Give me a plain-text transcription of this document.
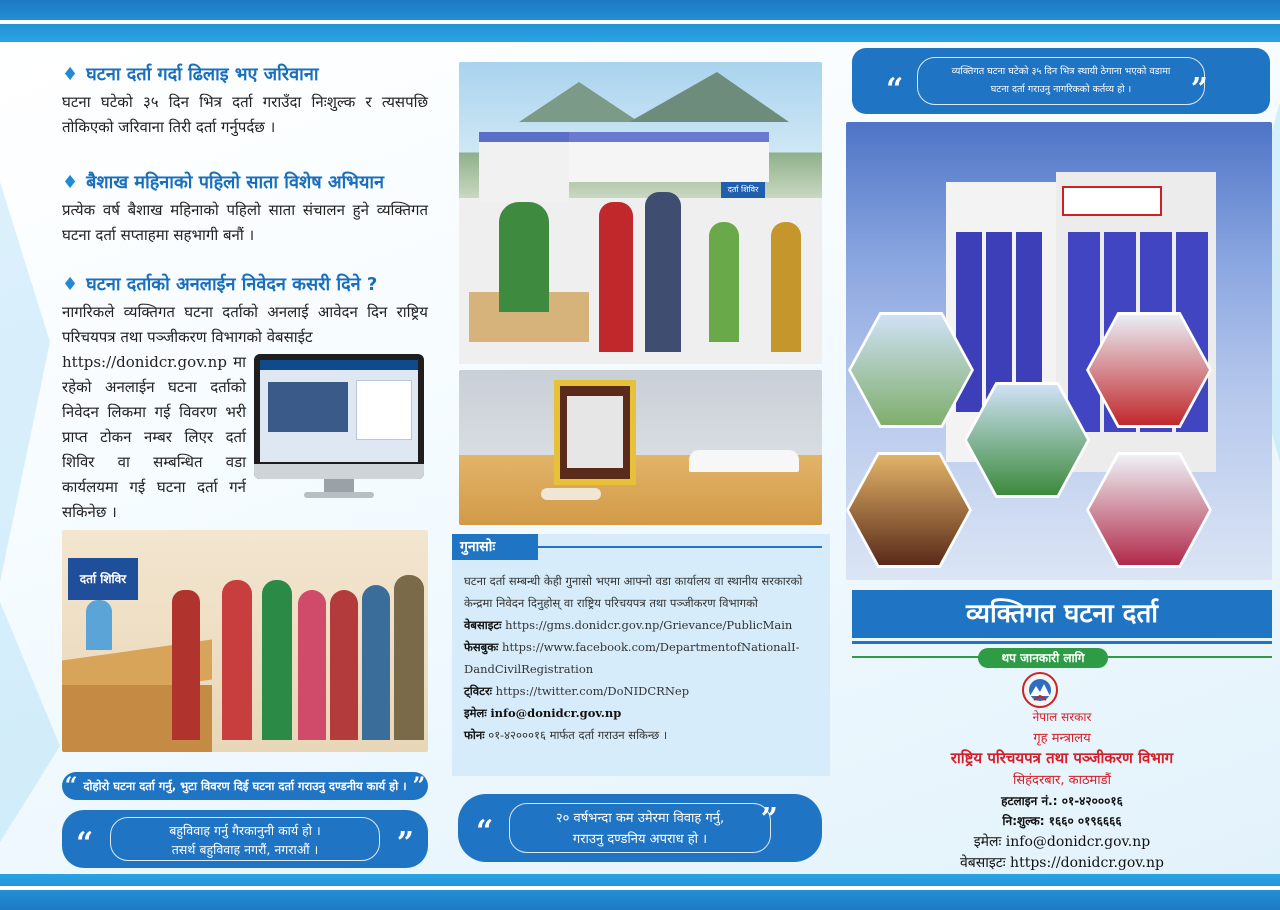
♦ घटना दर्ता गर्दा ढिलाइ भए जरिवाना
घटना घटेको ३५ दिन भित्र दर्ता गराउँदा निःशुल्क र त्यसपछि तोकिएको जरिवाना तिरी दर्ता गर्नुपर्दछ ।
♦ बैशाख महिनाको पहिलो साता विशेष अभियान
प्रत्येक वर्ष बैशाख महिनाको पहिलो साता संचालन हुने व्यक्तिगत घटना दर्ता सप्ताहमा सहभागी बनौं ।
♦ घटना दर्ताको अनलाईन निवेदन कसरी दिने ?
नागरिकले व्यक्तिगत घटना दर्ताको अनलाई आवेदन दिन राष्ट्रिय परिचयपत्र तथा पञ्जीकरण विभागको वेबसाईट
https://donidcr.gov.np मा रहेको अनलाईन घटना दर्ताको निवेदन लिकमा गई विवरण भरी प्राप्त टोकन नम्बर लिएर दर्ता शिविर वा सम्बन्धित वडा कार्यलयमा गई घटना दर्ता गर्न सकिनेछ ।
दर्ता शिविर
“ दोहोरो घटना दर्ता गर्नु, भुटा विवरण दिई घटना दर्ता गराउनु दण्डनीय कार्य हो । ”
“	बहुविवाह गर्नु गैरकानुनी कार्य हो ।
तसर्थ बहुविवाह नगरौं, नगराऔं ।	”
दर्ता शिविर
गुनासोः
घटना दर्ता सम्बन्धी केही गुनासो भएमा आफ्नो वडा कार्यालय वा स्थानीय सरकारको केन्द्रमा निवेदन दिनुहोस् वा राष्ट्रिय परिचयपत्र तथा पञ्जीकरण विभागको
वेबसाइटः https://gms.donidcr.gov.np/Grievance/PublicMain
फेसबुकः https://www.facebook.com/DepartmentofNationalI-
DandCivilRegistration
ट्विटरः https://twitter.com/DoNIDCRNep
इमेलः info@donidcr.gov.np
फोनः ०१-४२०००१६ मार्फत दर्ता गराउन सकिन्छ ।
“	२० वर्षभन्दा कम उमेरमा विवाह गर्नु,
गराउनु दण्डनिय अपराध हो ।
”
“
व्यक्तिगत घटना घटेको ३५ दिन भित्र स्थायी ठेगाना भएको वडामा
घटना दर्ता गराउनु नागरिकको कर्तव्य हो ।	”
व्यक्तिगत घटना दर्ता
थप जानकारी लागि
नेपाल सरकार
गृह मन्त्रालय
राष्ट्रिय परिचयपत्र तथा पञ्जीकरण विभाग
सिहंदरबार, काठमाडौं
हटलाइन नं.: ०१-४२०००१६
नि:शुल्क: १६६० ०१९६६६६
इमेलः info@donidcr.gov.np
वेबसाइटः https://donidcr.gov.np
